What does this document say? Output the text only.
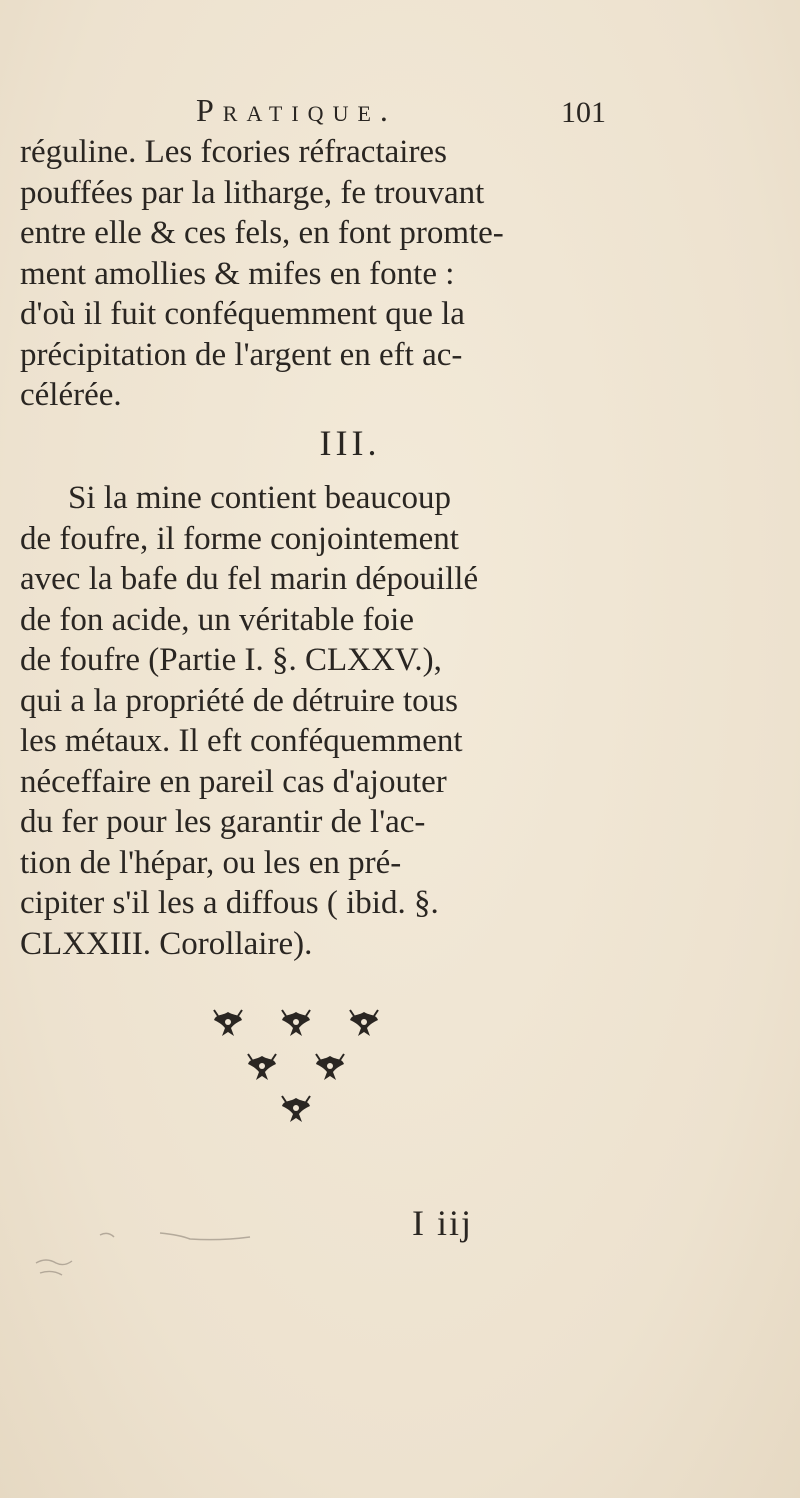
Pratique.	101
réguline. Les fcories réfractaires
pouffées par la litharge, fe trouvant
entre elle & ces fels, en font promte-
ment amollies & mifes en fonte :
d'où il fuit conféquemment que la
précipitation de l'argent en eft ac-
célérée.
III.
Si la mine contient beaucoup
de foufre, il forme conjointement
avec la bafe du fel marin dépouillé
de fon acide, un véritable foie
de foufre (Partie I. §. CLXXV.),
qui a la propriété de détruire tous
les métaux. Il eft conféquemment
néceffaire en pareil cas d'ajouter
du fer pour les garantir de l'ac-
tion de l'hépar, ou les en pré-
cipiter s'il les a diffous ( ibid. §.
CLXXIII. Corollaire).
I iij
